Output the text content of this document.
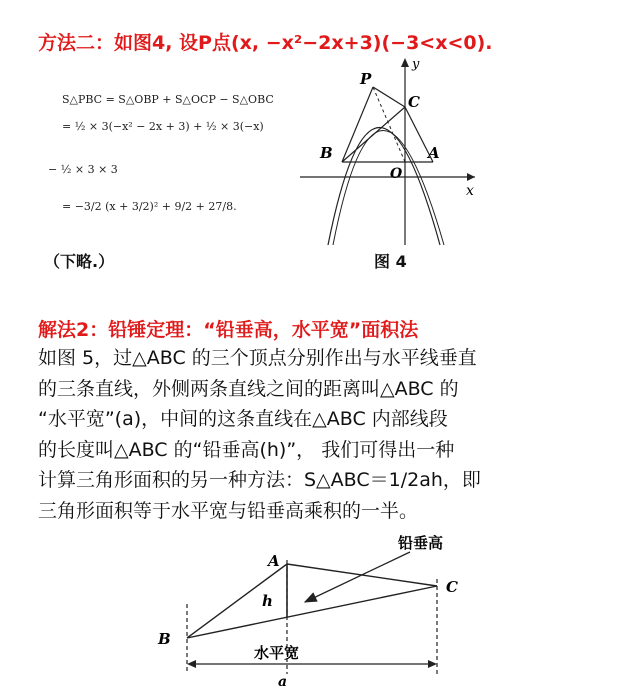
方法二：如图4, 设P点(x, −x²−2x+3)(−3<x<0).
S△PBC = S△OBP + S△OCP − S△OBC
= ½ × 3(−x² − 2x + 3) + ½ × 3(−x)
− ½ × 3 × 3
= −3/2 (x + 3/2)² + 9/2 + 27/8.
（下略.）
P
C
B	A
O
x
y
图 4
解法2：铅锤定理：“铅垂高，水平宽”面积法
如图 5，过△ABC 的三个顶点分别作出与水平线垂直
的三条直线，外侧两条直线之间的距离叫△ABC 的
“水平宽”(a)，中间的这条直线在△ABC 内部线段
的长度叫△ABC 的“铅垂高(h)”， 我们可得出一种
计算三角形面积的另一种方法：S△ABC＝1/2ah，即
三角形面积等于水平宽与铅垂高乘积的一半。
A
B
C
h
a
铅垂高
水平宽
